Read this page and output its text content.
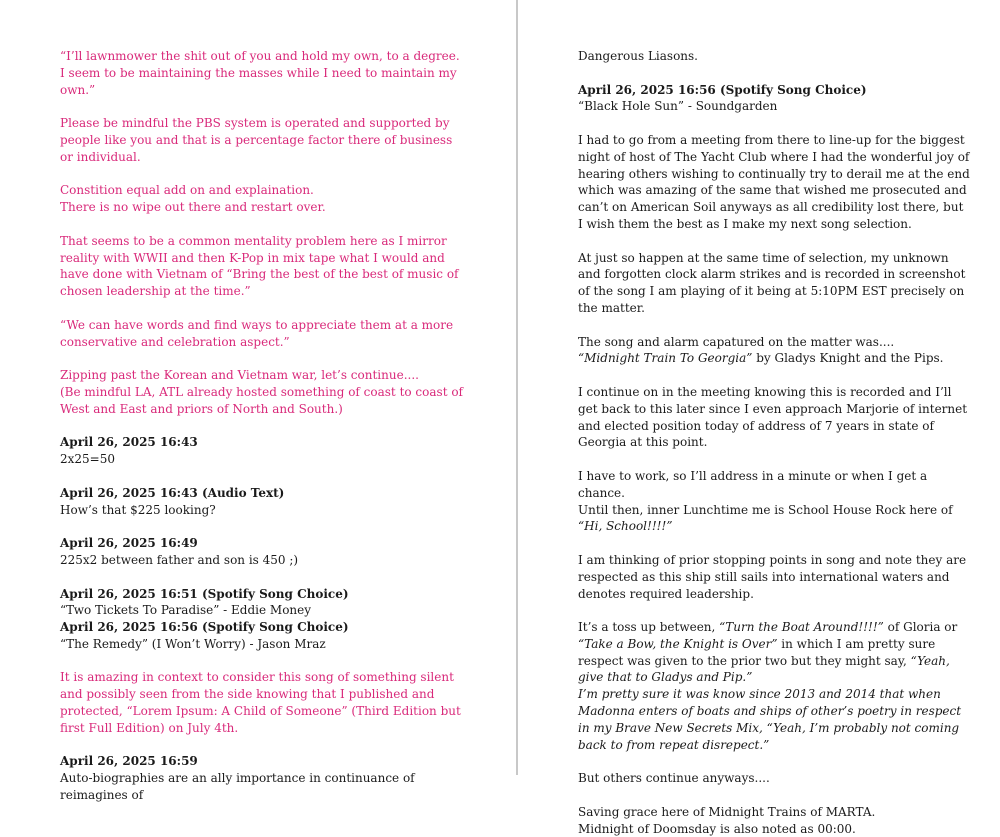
“I’ll lawnmower the shit out of you and hold my own, to a degree.
I seem to be maintaining the masses while I need to maintain my own.”

Please be mindful the PBS system is operated and supported by people like you and that is a percentage factor there of business or individual.

Constition equal add on and explaination.
There is no wipe out there and restart over.

That seems to be a common mentality problem here as I mirror reality with WWII and then K-Pop in mix tape what I would and have done with Vietnam of “Bring the best of the best of music of chosen leadership at the time.”

“We can have words and find ways to appreciate them at a more conservative and celebration aspect.”

Zipping past the Korean and Vietnam war, let’s continue....
(Be mindful LA, ATL already hosted something of coast to coast of West and East and priors of North and South.)

April 26, 2025 16:43
2x25=50
April 26, 2025 16:43 (Audio Text)
How’s that $225 looking?
April 26, 2025 16:49
225x2 between father and son is 450 ;)
April 26, 2025 16:51 (Spotify Song Choice)
“Two Tickets To Paradise” - Eddie Money
April 26, 2025 16:56 (Spotify Song Choice)
“The Remedy” (I Won’t Worry) - Jason Mraz

It is amazing in context to consider this song of something silent and possibly seen from the side knowing that I published and protected, “Lorem Ipsum: A Child of Someone” (Third Edition but first Full Edition) on July 4th.

April 26, 2025 16:59
Auto-biographies are an ally importance in continuance of reimagines of

Dangerous Liasons.

April 26, 2025 16:56 (Spotify Song Choice)
“Black Hole Sun” - Soundgarden

I had to go from a meeting from there to line-up for the biggest night of host of The Yacht Club where I had the wonderful joy of hearing others wishing to continually try to derail me at the end which was amazing of the same that wished me prosecuted and can’t on American Soil anyways as all credibility lost there, but I wish them the best as I make my next song selection.

At just so happen at the same time of selection, my unknown and forgotten clock alarm strikes and is recorded in screenshot of the song I am playing of it being at 5:10PM EST precisely on the matter.

The song and alarm capatured on the matter was....
“Midnight Train To Georgia” by Gladys Knight and the Pips.

I continue on in the meeting knowing this is recorded and I’ll get back to this later since I even approach Marjorie of internet and elected position today of address of 7 years in state of Georgia at this point.

I have to work, so I’ll address in a minute or when I get a chance.
Until then, inner Lunchtime me is School House Rock here of “Hi, School!!!!”

I am thinking of prior stopping points in song and note they are respected as this ship still sails into international waters and denotes required leadership.

It’s a toss up between, “Turn the Boat Around!!!!” of Gloria or “Take a Bow, the Knight is Over” in which I am pretty sure respect was given to the prior two but they might say, “Yeah, give that to Gladys and Pip.”
I’m pretty sure it was know since 2013 and 2014 that when Madonna enters of boats and ships of other’s poetry in respect in my Brave New Secrets Mix, “Yeah, I’m probably not coming back to from repeat disrepect.”

But others continue anyways....

Saving grace here of Midnight Trains of MARTA.
Midnight of Doomsday is also noted as 00:00.
